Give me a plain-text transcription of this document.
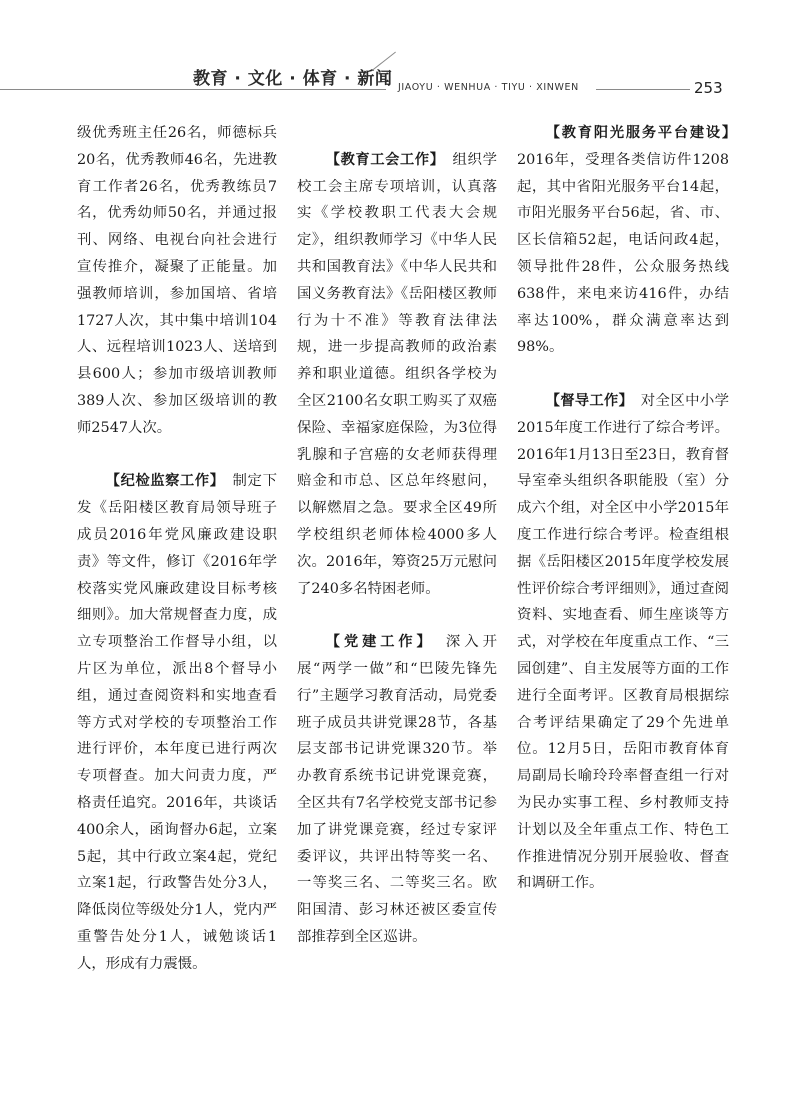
教育 · 文化 · 体育 · 新闻 JIAOYU · WENHUA · TIYU · XINWEN	253

级优秀班主任26名，师德标兵20名，优秀教师46名，先进教育工作者26名，优秀教练员7名，优秀幼师50名，并通过报刊、网络、电视台向社会进行宣传推介，凝聚了正能量。加强教师培训，参加国培、省培1727人次，其中集中培训104人、远程培训1023人、送培到县600人；参加市级培训教师389人次、参加区级培训的教师2547人次。

【纪检监察工作】　 制定下发《岳阳楼区教育局领导班子成员2016年党风廉政建设职责》等文件，修订《2016年学校落实党风廉政建设目标考核细则》。加大常规督查力度，成立专项整治工作督导小组，以片区为单位，派出8个督导小组，通过查阅资料和实地查看等方式对学校的专项整治工作进行评价，本年度已进行两次专项督查。加大问责力度，严格责任追究。2016年，共谈话400余人，函询督办6起，立案5起，其中行政立案4起，党纪立案1起，行政警告处分3人，降低岗位等级处分1人，党内严重警告处分1人，诫勉谈话1人，形成有力震慑。

【教育工会工作】　 组织学校工会主席专项培训，认真落实《学校教职工代表大会规定》，组织教师学习《中华人民共和国教育法》《中华人民共和国义务教育法》《岳阳楼区教师行为十不准》等教育法律法规，进一步提高教师的政治素养和职业道德。组织各学校为全区2100名女职工购买了双癌保险、幸福家庭保险，为3位得乳腺和子宫癌的女老师获得理赔金和市总、区总年终慰问，以解燃眉之急。要求全区49所学校组织老师体检4000多人次。2016年，筹资25万元慰问了240多名特困老师。

【党建工作】　 深入开展“两学一做”和“巴陵先锋先行”主题学习教育活动，局党委班子成员共讲党课28节，各基层支部书记讲党课320节。举办教育系统书记讲党课竞赛，全区共有7名学校党支部书记参加了讲党课竞赛，经过专家评委评议，共评出特等奖一名、一等奖三名、二等奖三名。欧阳国清、彭习林还被区委宣传部推荐到全区巡讲。

【教育阳光服务平台建设】　2016年，受理各类信访件1208起，其中省阳光服务平台14起，市阳光服务平台56起，省、市、区长信箱52起，电话问政4起，领导批件28件，公众服务热线638件，来电来访416件，办结率达100%，群众满意率达到98%。

【督导工作】　 对全区中小学2015年度工作进行了综合考评。2016年1月13日至23日，教育督导室牵头组织各职能股（室）分成六个组，对全区中小学2015年度工作进行综合考评。检查组根据《岳阳楼区2015年度学校发展性评价综合考评细则》，通过查阅资料、实地查看、师生座谈等方式，对学校在年度重点工作、“三园创建”、自主发展等方面的工作进行全面考评。区教育局根据综合考评结果确定了29个先进单位。12月5日，岳阳市教育体育局副局长喻玲玲率督查组一行对为民办实事工程、乡村教师支持计划以及全年重点工作、特色工作推进情况分别开展验收、督查和调研工作。
